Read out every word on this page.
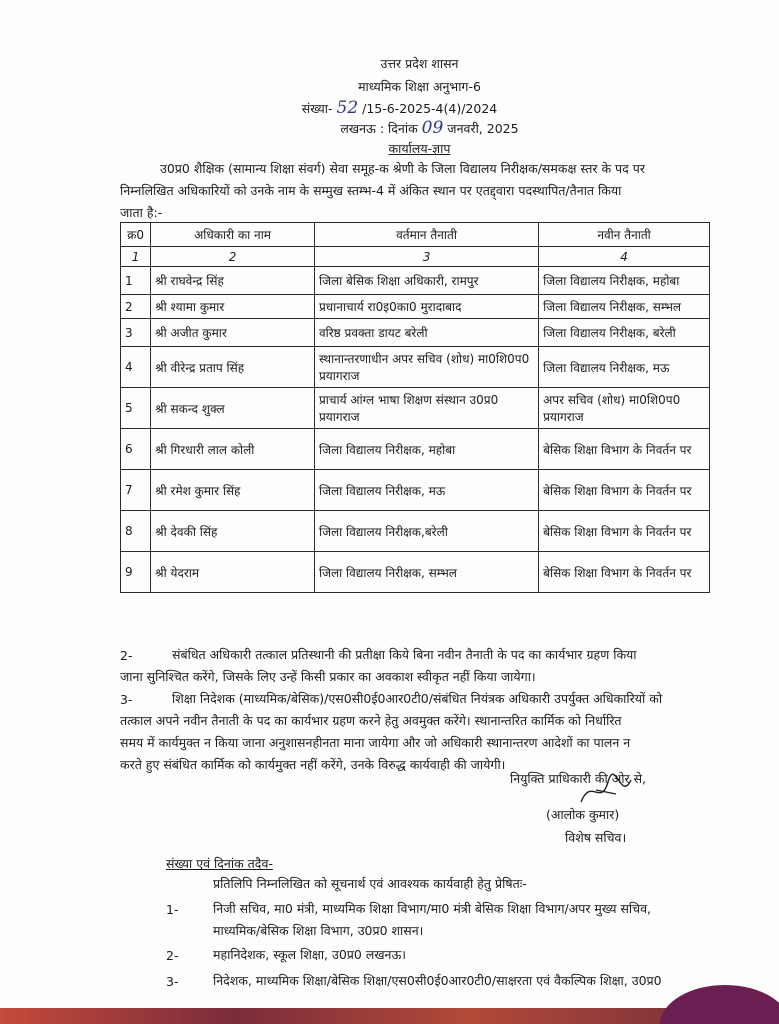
उत्तर प्रदेश शासन
माध्यमिक शिक्षा अनुभाग-6
संख्या- 52 /15-6-2025-4(4)/2024
लखनऊ : दिनांक 09 जनवरी, 2025
कार्यालय-ज्ञाप
उ0प्र0 शैक्षिक (सामान्य शिक्षा संवर्ग) सेवा समूह-क श्रेणी के जिला विद्यालय निरीक्षक/समकक्ष स्तर के पद पर
निम्नलिखित अधिकारियों को उनके नाम के सम्मुख स्तम्भ-4 में अंकित स्थान पर एतद्द्वारा पदस्थापित/तैनात किया
जाता है:-
क्र0	अधिकारी का नाम	वर्तमान तैनाती	नवीन तैनाती
1	2	3	4
1	श्री राघवेन्द्र सिंह	जिला बेसिक शिक्षा अधिकारी, रामपुर	जिला विद्यालय निरीक्षक, महोबा
2	श्री श्यामा कुमार	प्रधानाचार्य रा0इ0का0 मुरादाबाद	जिला विद्यालय निरीक्षक, सम्भल
3	श्री अजीत कुमार	वरिष्ठ प्रवक्ता डायट बरेली	जिला विद्यालय निरीक्षक, बरेली
4	श्री वीरेन्द्र प्रताप सिंह	स्थानान्तरणाधीन अपर सचिव (शोध) मा0शि0प0 प्रयागराज	जिला विद्यालय निरीक्षक, मऊ
5	श्री सकन्द शुक्ल	प्राचार्य आंग्ल भाषा शिक्षण संस्थान उ0प्र0 प्रयागराज	अपर सचिव (शोध) मा0शि0प0 प्रयागराज
6	श्री गिरधारी लाल कोली	जिला विद्यालय निरीक्षक, महोबा	बेसिक शिक्षा विभाग के निवर्तन पर
7	श्री रमेश कुमार सिंह	जिला विद्यालय निरीक्षक, मऊ	बेसिक शिक्षा विभाग के निवर्तन पर
8	श्री देवकी सिंह	जिला विद्यालय निरीक्षक,बरेली	बेसिक शिक्षा विभाग के निवर्तन पर
9	श्री येदराम	जिला विद्यालय निरीक्षक, सम्भल	बेसिक शिक्षा विभाग के निवर्तन पर
2-	संबंधित अधिकारी तत्काल प्रतिस्थानी की प्रतीक्षा किये बिना नवीन तैनाती के पद का कार्यभार ग्रहण किया
जाना सुनिश्चित करेंगे, जिसके लिए उन्हें किसी प्रकार का अवकाश स्वीकृत नहीं किया जायेगा।
3-	शिक्षा निदेशक (माध्यमिक/बेसिक)/एस0सी0ई0आर0टी0/संबंधित नियंत्रक अधिकारी उपर्युक्त अधिकारियों को
तत्काल अपने नवीन तैनाती के पद का कार्यभार ग्रहण करने हेतु अवमुक्त करेंगे। स्थानान्तरित कार्मिक को निर्धारित
समय में कार्यमुक्त न किया जाना अनुशासनहीनता माना जायेगा और जो अधिकारी स्थानान्तरण आदेशों का पालन न
करते हुए संबंधित कार्मिक को कार्यमुक्त नहीं करेंगे, उनके विरुद्ध कार्यवाही की जायेगी।
नियुक्ति प्राधिकारी की ओर से,
(आलोक कुमार)
विशेष सचिव।
संख्या एवं दिनांक तदैव-
प्रतिलिपि निम्नलिखित को सूचनार्थ एवं आवश्यक कार्यवाही हेतु प्रेषितः-
1-	निजी सचिव, मा0 मंत्री, माध्यमिक शिक्षा विभाग/मा0 मंत्री बेसिक शिक्षा विभाग/अपर मुख्य सचिव,
माध्यमिक/बेसिक शिक्षा विभाग, उ0प्र0 शासन।
2-	महानिदेशक, स्कूल शिक्षा, उ0प्र0 लखनऊ।
3-	निदेशक, माध्यमिक शिक्षा/बेसिक शिक्षा/एस0सी0ई0आर0टी0/साक्षरता एवं वैकल्पिक शिक्षा, उ0प्र0
